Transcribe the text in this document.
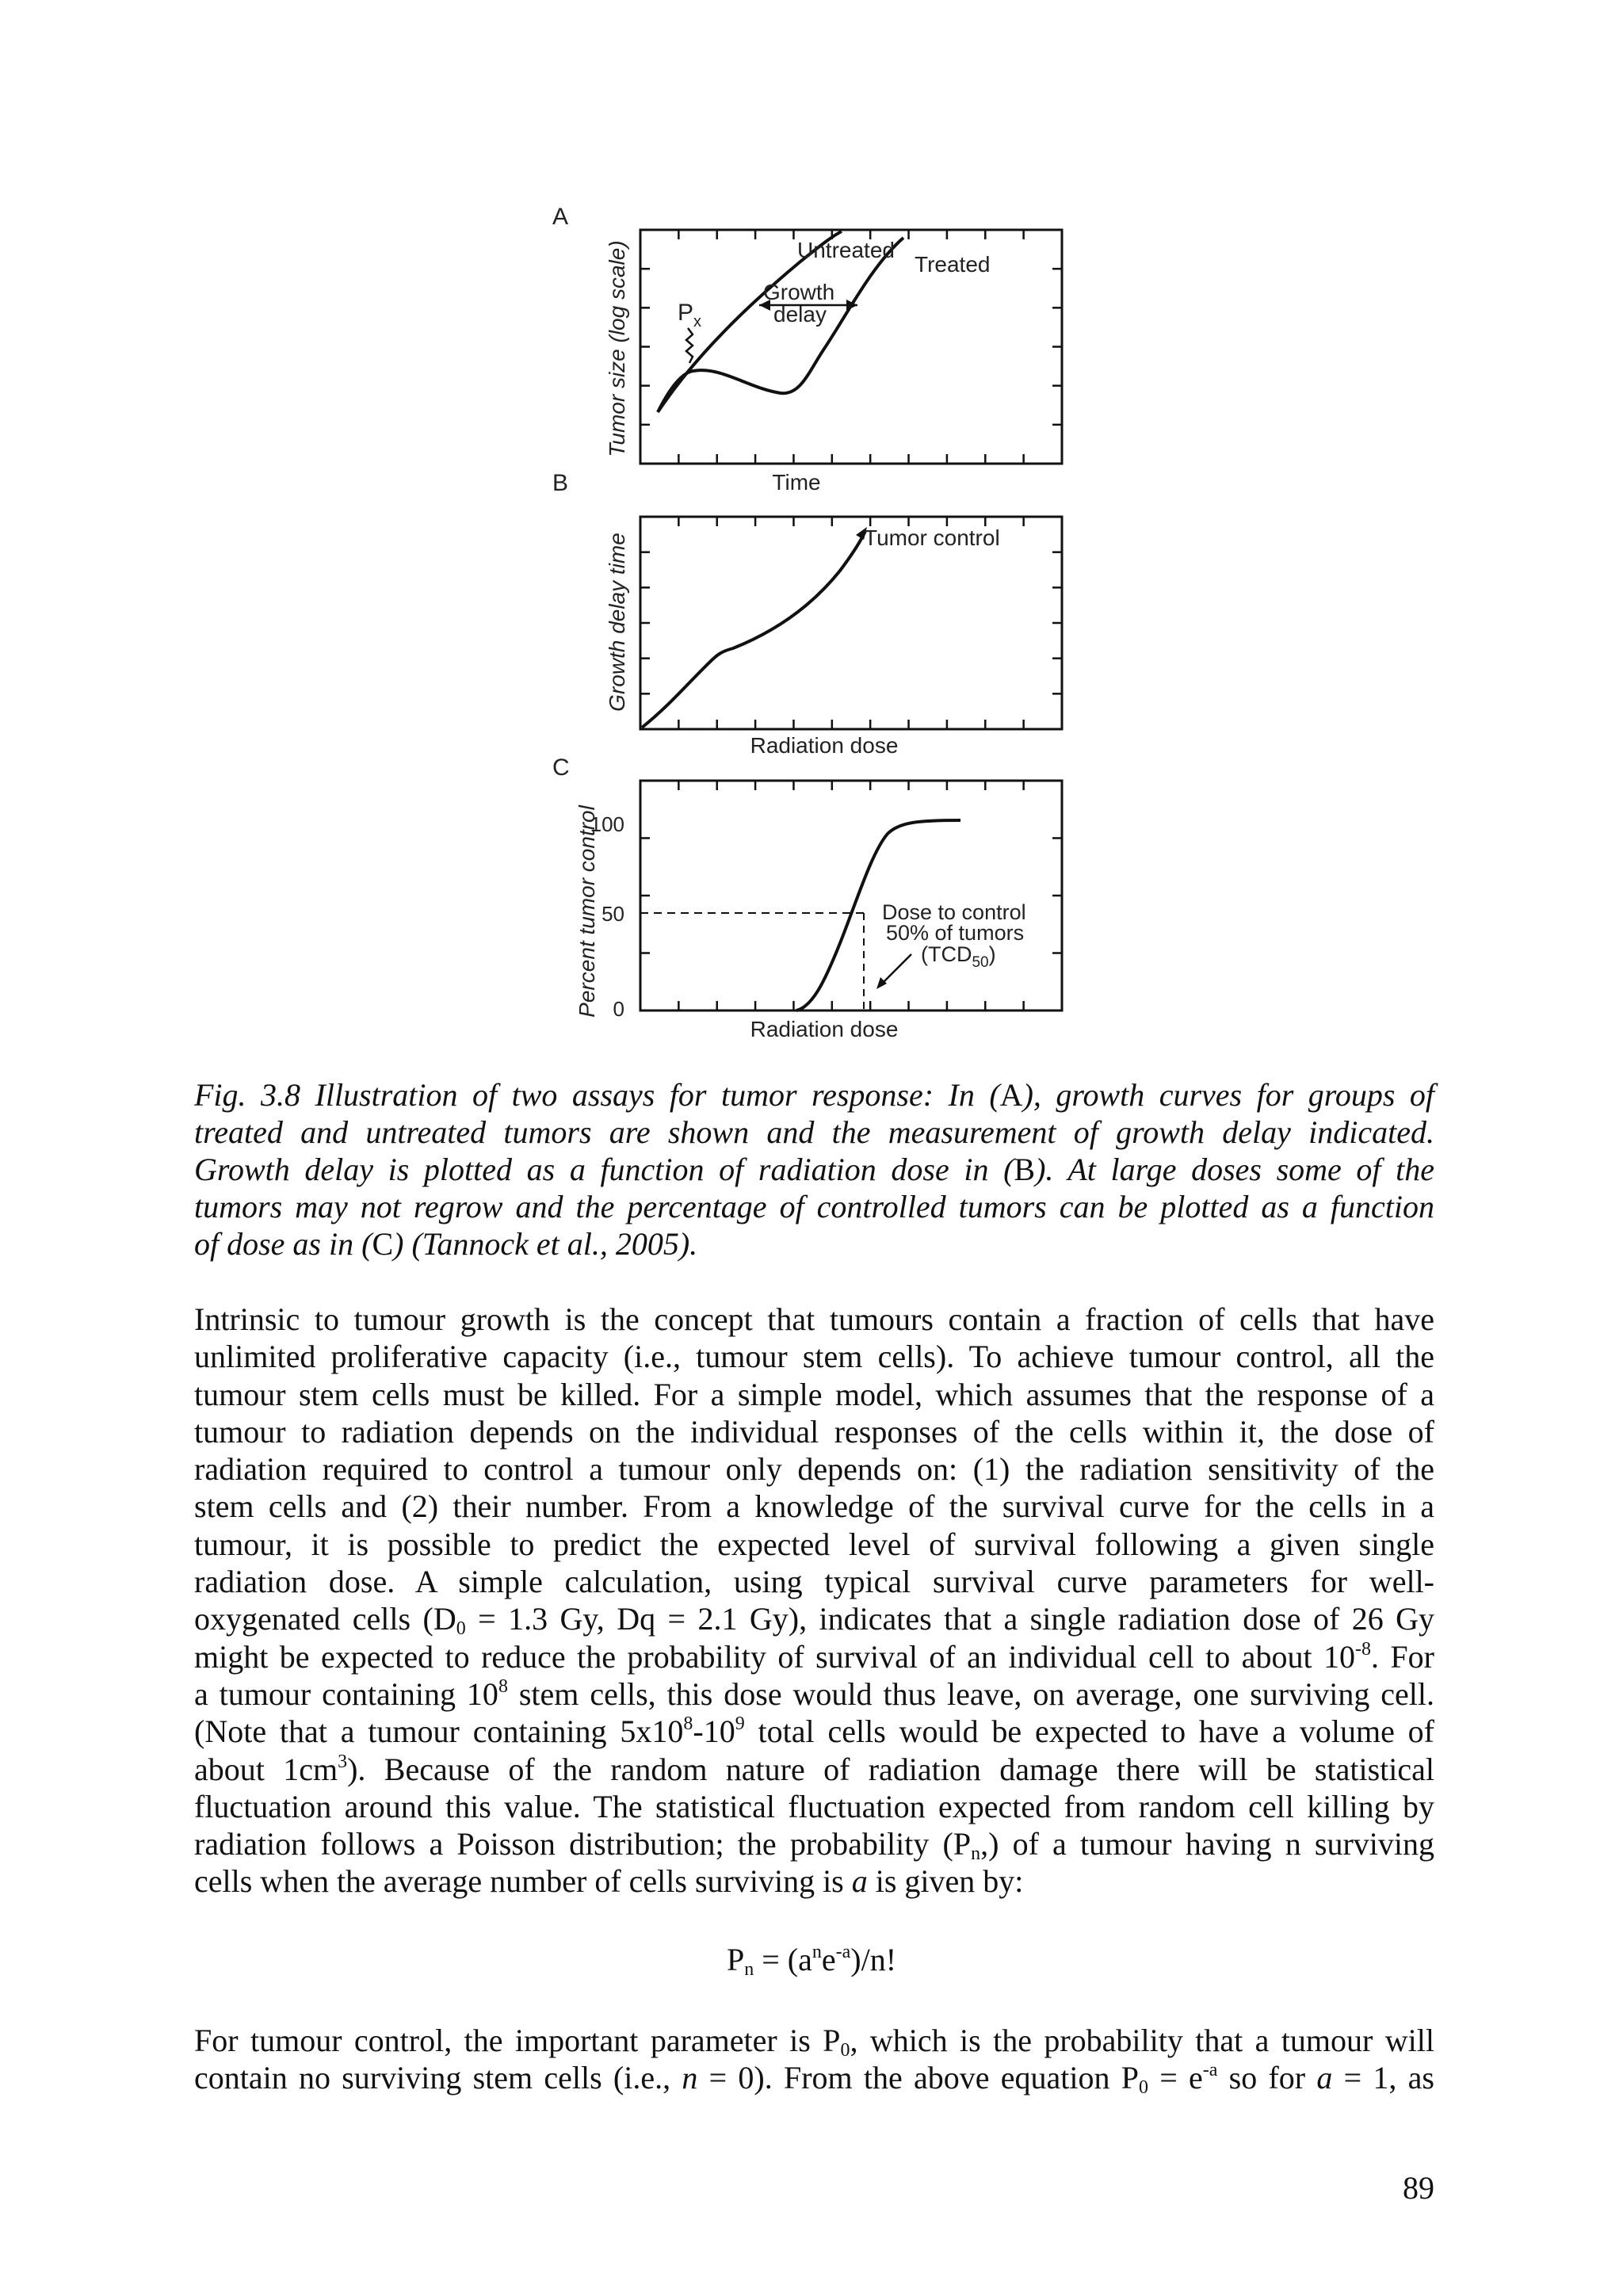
A
Untreated
Treated
Growth
delay
$P_x$
Tumor size (log scale)
Time
B
Tumor control
Growth delay time
Radiation dose
C
100
50
0
Dose to control
50% of tumors
$(TCD_{50})$
Percent tumor control
Radiation dose
Fig. 3.8 Illustration of two assays for tumor response: In (A), growth curves for groups of
treated and untreated tumors are shown and the measurement of growth delay indicated.
Growth delay is plotted as a function of radiation dose in (B). At large doses some of the
tumors may not regrow and the percentage of controlled tumors can be plotted as a function
of dose as in (C) (Tannock et al., 2005).
Intrinsic to tumour growth is the concept that tumours contain a fraction of cells that have
unlimited proliferative capacity (i.e., tumour stem cells). To achieve tumour control, all the
tumour stem cells must be killed. For a simple model, which assumes that the response of a
tumour to radiation depends on the individual responses of the cells within it, the dose of
radiation required to control a tumour only depends on: (1) the radiation sensitivity of the
stem cells and (2) their number. From a knowledge of the survival curve for the cells in a
tumour, it is possible to predict the expected level of survival following a given single
radiation dose. A simple calculation, using typical survival curve parameters for well-
oxygenated cells ($D_0 = 1.3$ Gy, Dq = 2.1 Gy), indicates that a single radiation dose of 26 Gy
might be expected to reduce the probability of survival of an individual cell to about $10^{-8}$. For
a tumour containing $10^8$ stem cells, this dose would thus leave, on average, one surviving cell.
(Note that a tumour containing $5x10^8-10^9$ total cells would be expected to have a volume of
about $1cm^3$). Because of the random nature of radiation damage there will be statistical
fluctuation around this value. The statistical fluctuation expected from random cell killing by
radiation follows a Poisson distribution; the probability $(P_n,)$ of a tumour having n surviving
cells when the average number of cells surviving is a is given by:
$P_n = (a^ne^{-a})/n$!
For tumour control, the important parameter is $P_0$, which is the probability that a tumour will
contain no surviving stem cells (i.e., n = 0). From the above equation $P_0 = e^{-a}$ so for a = 1, as
89
